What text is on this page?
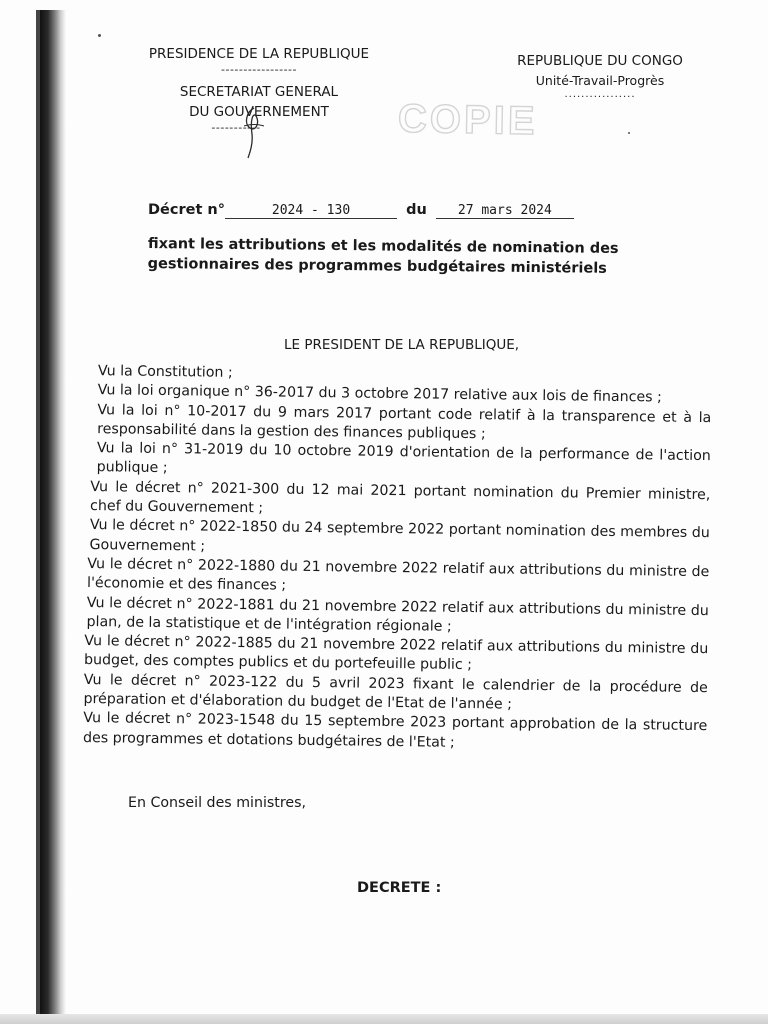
PRESIDENCE DE LA REPUBLIQUE
-----------------
SECRETARIAT GENERAL
DU GOUVERNEMENT
-----------
REPUBLIQUE DU CONGO
Unité-Travail-Progrès
.................
COPIE
Décret n°	2024 - 130	du 27 mars 2024
fixant les attributions et les modalités de nomination des gestionnaires des programmes budgétaires ministériels
LE PRESIDENT DE LA REPUBLIQUE,

Vu la Constitution ;

Vu la loi organique n° 36-2017 du 3 octobre 2017 relative aux lois de finances ;

Vu la loi n° 10-2017 du 9 mars 2017 portant code relatif à la transparence et à la responsabilité dans la gestion des finances publiques ;

Vu la loi n° 31-2019 du 10 octobre 2019 d'orientation de la performance de l'action publique ;

Vu le décret n° 2021-300 du 12 mai 2021 portant nomination du Premier ministre, chef du Gouvernement ;

Vu le décret n° 2022-1850 du 24 septembre 2022 portant nomination des membres du Gouvernement ;

Vu le décret n° 2022-1880 du 21 novembre 2022 relatif aux attributions du ministre de l'économie et des finances ;

Vu le décret n° 2022-1881 du 21 novembre 2022 relatif aux attributions du ministre du plan, de la statistique et de l'intégration régionale ;

Vu le décret n° 2022-1885 du 21 novembre 2022 relatif aux attributions du ministre du budget, des comptes publics et du portefeuille public ;

Vu le décret n° 2023-122 du 5 avril 2023 fixant le calendrier de la procédure de préparation et d'élaboration du budget de l'Etat de l'année ;

Vu le décret n° 2023-1548 du 15 septembre 2023 portant approbation de la structure des programmes et dotations budgétaires de l'Etat ;

En Conseil des ministres,
DECRETE :
